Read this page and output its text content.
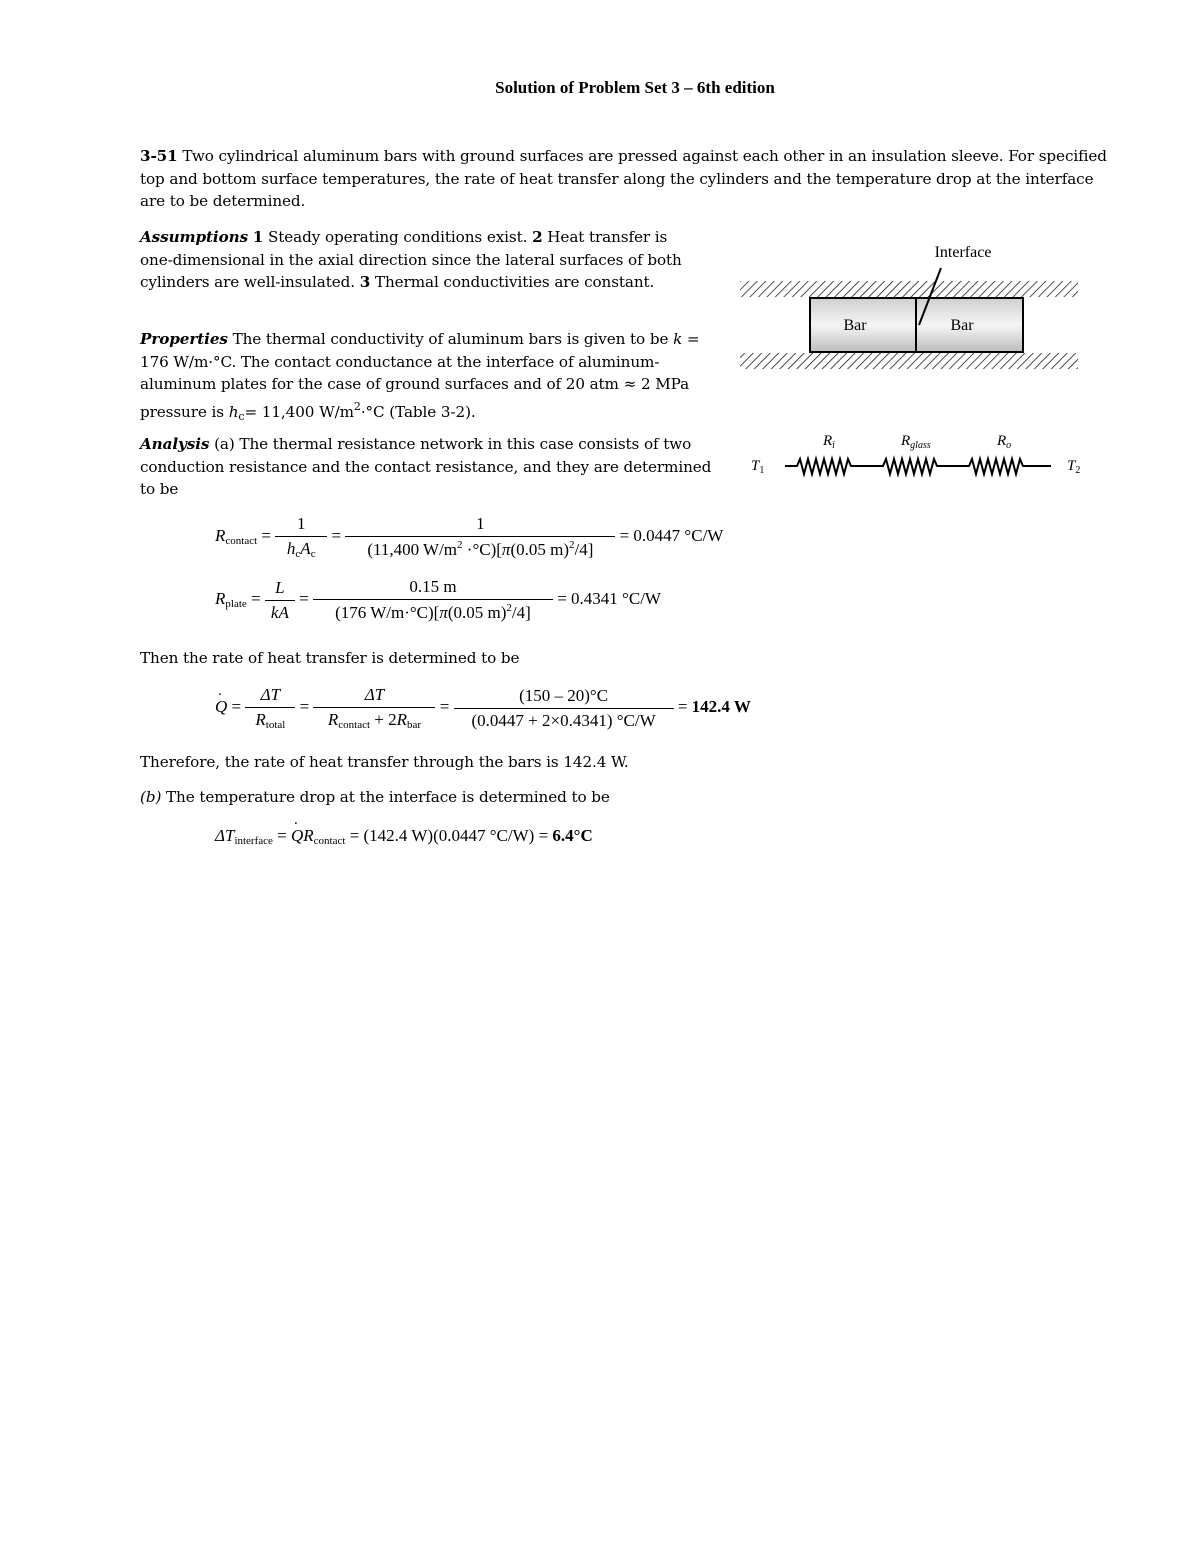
Solution of Problem Set 3 – 6th edition
3-51 Two cylindrical aluminum bars with ground surfaces are pressed against each other in an insulation sleeve. For specified top and bottom surface temperatures, the rate of heat transfer along the cylinders and the temperature drop at the interface are to be determined.
Assumptions 1 Steady operating conditions exist. 2 Heat transfer is one-dimensional in the axial direction since the lateral surfaces of both cylinders are well-insulated. 3 Thermal conductivities are constant.
Properties The thermal conductivity of aluminum bars is given to be k = 176 W/m·°C. The contact conductance at the interface of aluminum-aluminum plates for the case of ground surfaces and of 20 atm ≈ 2 MPa pressure is $h_c= 11,400$ $W/m^2\cdot^\circ C$ (Table 3-2).
Analysis (a) The thermal resistance network in this case consists of two conduction resistance and the contact resistance, and they are determined to be
$R_{contact} = \frac{1}{h_cA_c} = \frac{1}{(11,400 W/m^2 \cdot^\circ C)[\pi(0.05 m)^2/4]} = 0.0447$ °C/W
$R_{plate} = \frac{L}{kA} = \frac{0.15 m}{(176 W/m\cdot^\circ C)[\pi(0.05 m)^2/4]} = 0.4341$ °C/W
Then the rate of heat transfer is determined to be
.
$Q = \frac{\Delta T}{R_{total}} = \frac{\Delta T}{R_{contact} + 2R_{bar}} = \frac{(150 - 20)^\circ C}{(0.0447 + 2\times 0.4341) ^\circ C/W} = 142.4$ W
Therefore, the rate of heat transfer through the bars is 142.4 W.
(b) The temperature drop at the interface is determined to be
$\Delta T_{interface}$ =
.
$QR_{contact} = (142.4$ W)(0.0447 °C/W) = 6.4°C
Interface
Bar	Bar
$R_i$	$R_{glass}$	$R_o$
$T_1$	$T_2$
